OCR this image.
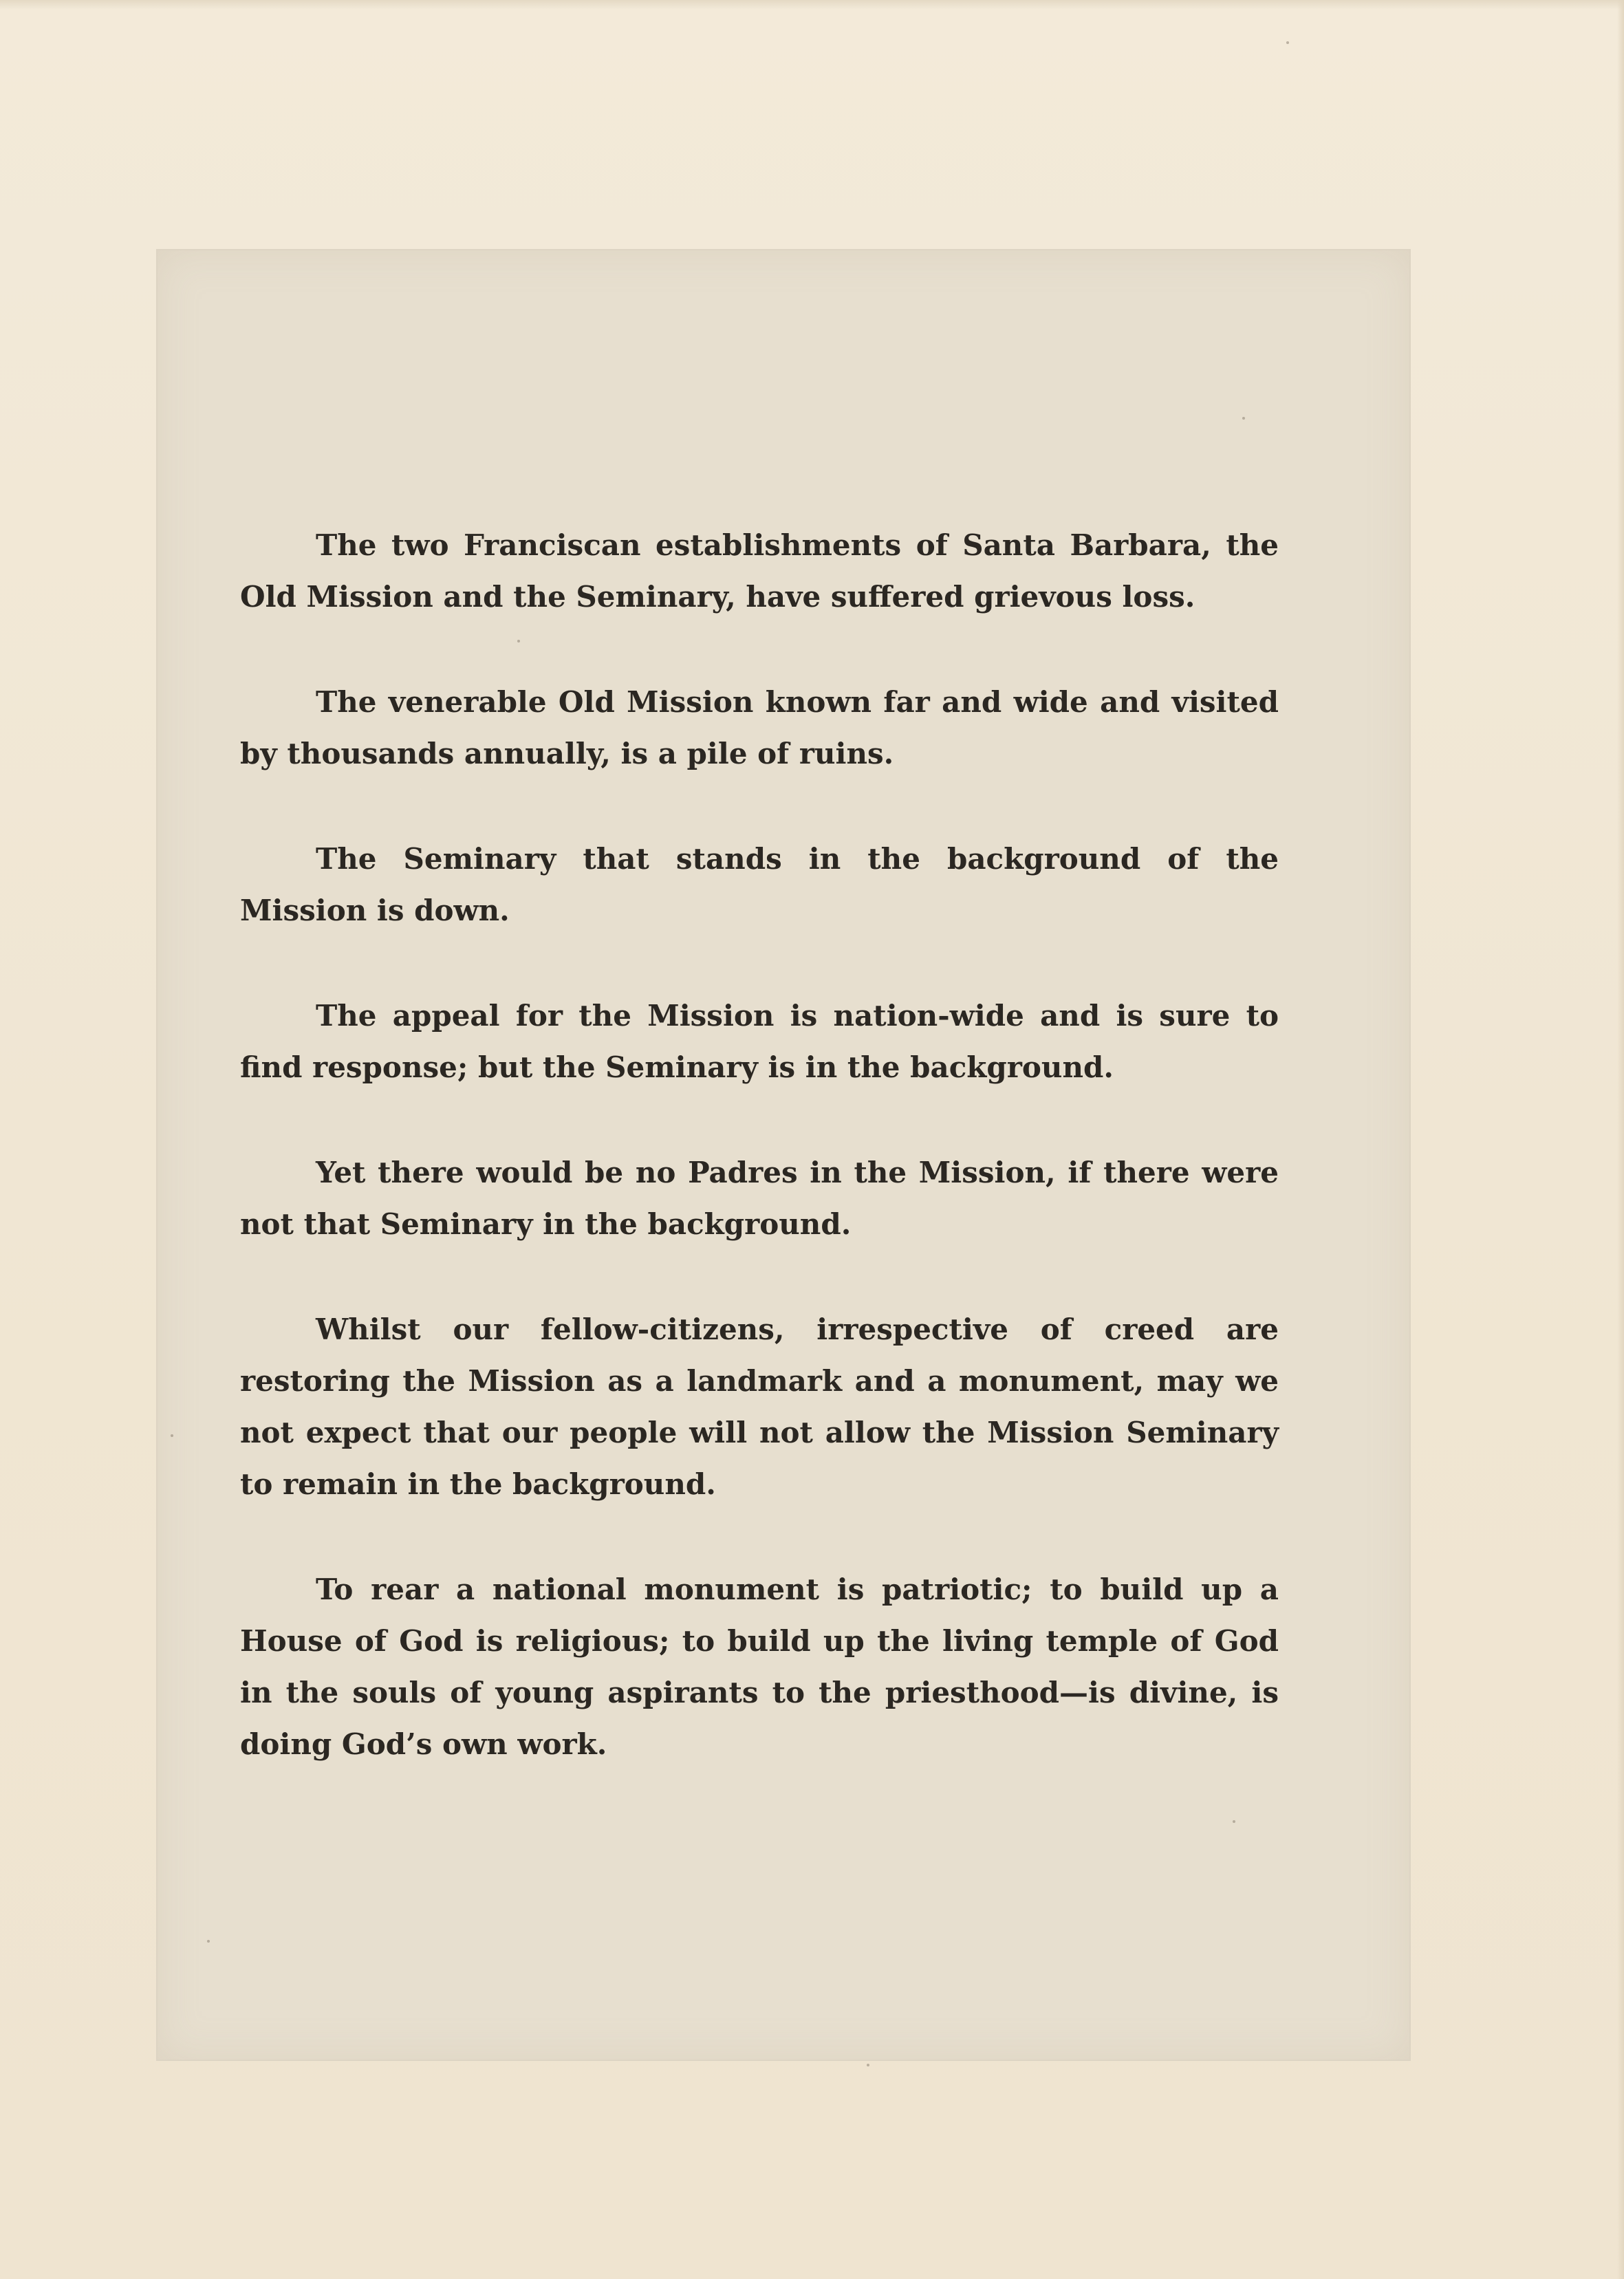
The two Franciscan establishments of Santa Barbara, the Old Mission and the Seminary, have suffered grievous loss.

The venerable Old Mission known far and wide and visited by thousands annually, is a pile of ruins.

The Seminary that stands in the background of the Mission is down.

The appeal for the Mission is nation-wide and is sure to find response; but the Seminary is in the background.

Yet there would be no Padres in the Mission, if there were not that Seminary in the background.

Whilst our fellow-citizens, irrespective of creed are restoring the Mission as a landmark and a monument, may we not expect that our people will not allow the Mission Seminary to remain in the background.

To rear a national monument is patriotic; to build up a House of God is religious; to build up the living temple of God in the souls of young aspirants to the priesthood—is divine, is doing God’s own work.
